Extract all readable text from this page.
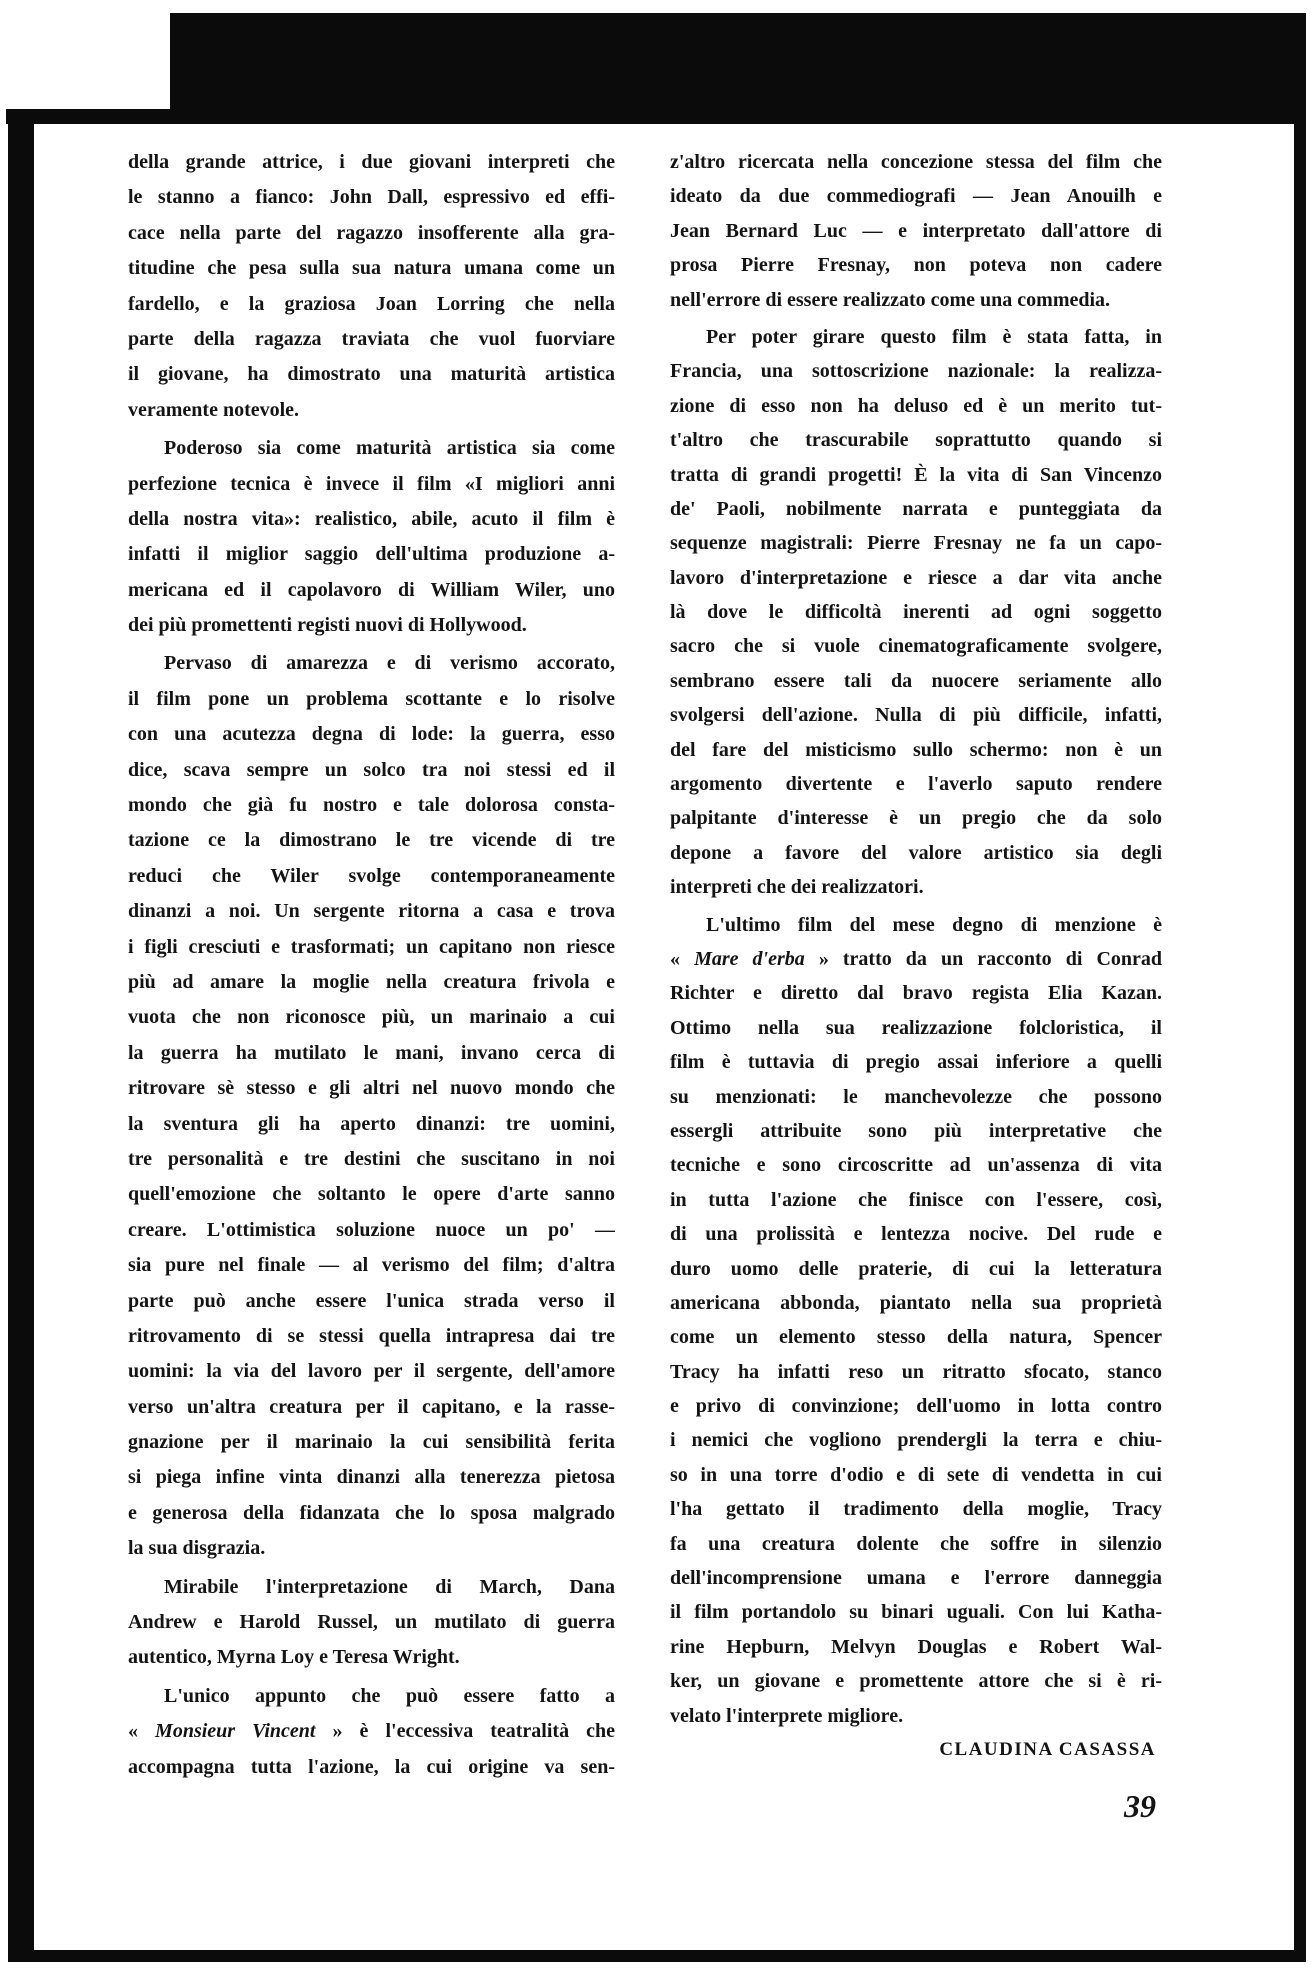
della grande attrice, i due giovani interpreti che
le stanno a fianco: John Dall, espressivo ed effi-
cace nella parte del ragazzo insofferente alla gra-
titudine che pesa sulla sua natura umana come un
fardello, e la graziosa Joan Lorring che nella
parte della ragazza traviata che vuol fuorviare
il giovane, ha dimostrato una maturità artistica
veramente notevole.
Poderoso sia come maturità artistica sia come
perfezione tecnica è invece il film «I migliori anni
della nostra vita»: realistico, abile, acuto il film è
infatti il miglior saggio dell'ultima produzione a-
mericana ed il capolavoro di William Wiler, uno
dei più promettenti registi nuovi di Hollywood.
Pervaso di amarezza e di verismo accorato,
il film pone un problema scottante e lo risolve
con una acutezza degna di lode: la guerra, esso
dice, scava sempre un solco tra noi stessi ed il
mondo che già fu nostro e tale dolorosa consta-
tazione ce la dimostrano le tre vicende di tre
reduci che Wiler svolge contemporaneamente
dinanzi a noi. Un sergente ritorna a casa e trova
i figli cresciuti e trasformati; un capitano non riesce
più ad amare la moglie nella creatura frivola e
vuota che non riconosce più, un marinaio a cui
la guerra ha mutilato le mani, invano cerca di
ritrovare sè stesso e gli altri nel nuovo mondo che
la sventura gli ha aperto dinanzi: tre uomini,
tre personalità e tre destini che suscitano in noi
quell'emozione che soltanto le opere d'arte sanno
creare. L'ottimistica soluzione nuoce un po' —
sia pure nel finale — al verismo del film; d'altra
parte può anche essere l'unica strada verso il
ritrovamento di se stessi quella intrapresa dai tre
uomini: la via del lavoro per il sergente, dell'amore
verso un'altra creatura per il capitano, e la rasse-
gnazione per il marinaio la cui sensibilità ferita
si piega infine vinta dinanzi alla tenerezza pietosa
e generosa della fidanzata che lo sposa malgrado
la sua disgrazia.
Mirabile l'interpretazione di March, Dana
Andrew e Harold Russel, un mutilato di guerra
autentico, Myrna Loy e Teresa Wright.
L'unico appunto che può essere fatto a
« Monsieur Vincent » è l'eccessiva teatralità che
accompagna tutta l'azione, la cui origine va sen-
z'altro ricercata nella concezione stessa del film che
ideato da due commediografi — Jean Anouilh e
Jean Bernard Luc — e interpretato dall'attore di
prosa Pierre Fresnay, non poteva non cadere
nell'errore di essere realizzato come una commedia.
Per poter girare questo film è stata fatta, in
Francia, una sottoscrizione nazionale: la realizza-
zione di esso non ha deluso ed è un merito tut-
t'altro che trascurabile soprattutto quando si
tratta di grandi progetti! È la vita di San Vincenzo
de' Paoli, nobilmente narrata e punteggiata da
sequenze magistrali: Pierre Fresnay ne fa un capo-
lavoro d'interpretazione e riesce a dar vita anche
là dove le difficoltà inerenti ad ogni soggetto
sacro che si vuole cinematograficamente svolgere,
sembrano essere tali da nuocere seriamente allo
svolgersi dell'azione. Nulla di più difficile, infatti,
del fare del misticismo sullo schermo: non è un
argomento divertente e l'averlo saputo rendere
palpitante d'interesse è un pregio che da solo
depone a favore del valore artistico sia degli
interpreti che dei realizzatori.
L'ultimo film del mese degno di menzione è
« Mare d'erba » tratto da un racconto di Conrad
Richter e diretto dal bravo regista Elia Kazan.
Ottimo nella sua realizzazione folcloristica, il
film è tuttavia di pregio assai inferiore a quelli
su menzionati: le manchevolezze che possono
essergli attribuite sono più interpretative che
tecniche e sono circoscritte ad un'assenza di vita
in tutta l'azione che finisce con l'essere, così,
di una prolissità e lentezza nocive. Del rude e
duro uomo delle praterie, di cui la letteratura
americana abbonda, piantato nella sua proprietà
come un elemento stesso della natura, Spencer
Tracy ha infatti reso un ritratto sfocato, stanco
e privo di convinzione; dell'uomo in lotta contro
i nemici che vogliono prendergli la terra e chiu-
so in una torre d'odio e di sete di vendetta in cui
l'ha gettato il tradimento della moglie, Tracy
fa una creatura dolente che soffre in silenzio
dell'incomprensione umana e l'errore danneggia
il film portandolo su binari uguali. Con lui Katha-
rine Hepburn, Melvyn Douglas e Robert Wal-
ker, un giovane e promettente attore che si è ri-
velato l'interprete migliore.
CLAUDINA CASASSA
39
